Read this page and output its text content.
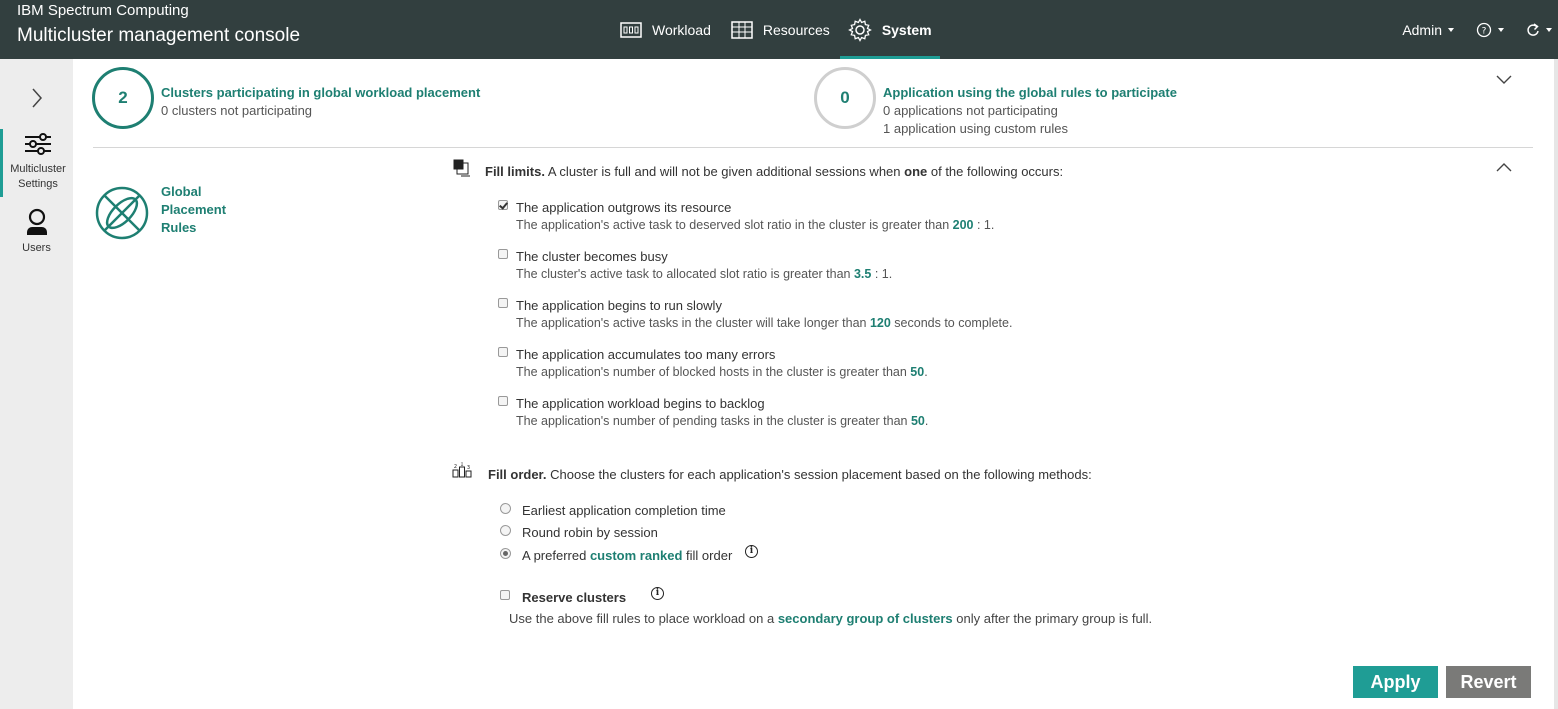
IBM Spectrum Computing
Multicluster management console	Workload	Resources	System	Admin	?
Multicluster
Settings
Users
2	Clusters participating in global workload placement
0 clusters not participating
0	Application using the global rules to participate
0 applications not participating
1 application using custom rules
Global
Placement
Rules
Fill limits. A cluster is full and will not be given additional sessions when one of the following occurs:
The application outgrows its resource
The application's active task to deserved slot ratio in the cluster is greater than 200 : 1.
The cluster becomes busy
The cluster's active task to allocated slot ratio is greater than 3.5 : 1.
The application begins to run slowly
The application's active tasks in the cluster will take longer than 120 seconds to complete.
The application accumulates too many errors
The application's number of blocked hosts in the cluster is greater than 50.
The application workload begins to backlog
The application's number of pending tasks in the cluster is greater than 50.
2 1
3 Fill order. Choose the clusters for each application's session placement based on the following methods:
Earliest application completion time
Round robin by session
A preferred custom ranked fill order	i
Reserve clusters	i
Use the above fill rules to place workload on a secondary group of clusters only after the primary group is full.
Apply	Revert
